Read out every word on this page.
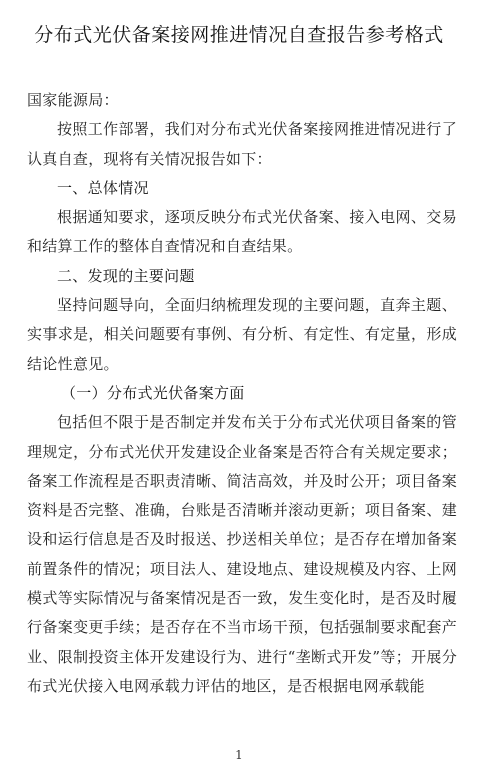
分布式光伏备案接网推进情况自查报告参考格式

国家能源局：

按照工作部署，我们对分布式光伏备案接网推进情况进行了认真自查，现将有关情况报告如下：

一、总体情况

根据通知要求，逐项反映分布式光伏备案、接入电网、交易和结算工作的整体自查情况和自查结果。

二、发现的主要问题

坚持问题导向，全面归纳梳理发现的主要问题，直奔主题、实事求是，相关问题要有事例、有分析、有定性、有定量，形成结论性意见。

（一）分布式光伏备案方面

包括但不限于是否制定并发布关于分布式光伏项目备案的管理规定，分布式光伏开发建设企业备案是否符合有关规定要求；备案工作流程是否职责清晰、简洁高效，并及时公开；项目备案资料是否完整、准确，台账是否清晰并滚动更新；项目备案、建设和运行信息是否及时报送、抄送相关单位；是否存在增加备案前置条件的情况；项目法人、建设地点、建设规模及内容、上网模式等实际情况与备案情况是否一致，发生变化时，是否及时履行备案变更手续；是否存在不当市场干预，包括强制要求配套产业、限制投资主体开发建设行为、进行“垄断式开发”等；开展分布式光伏接入电网承载力评估的地区，是否根据电网承载能

1
